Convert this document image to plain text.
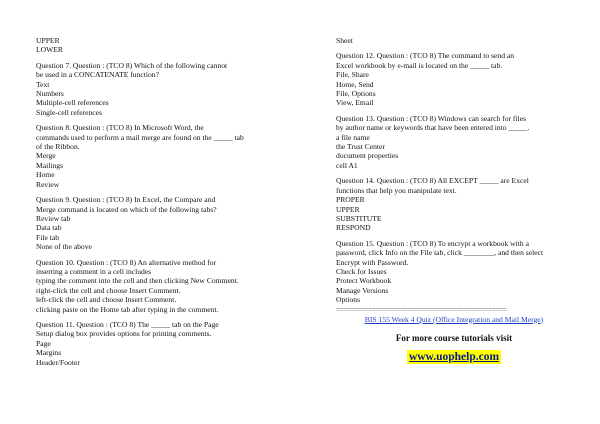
UPPER
LOWER
Question 7. Question : (TCO 8) Which of the following cannot
be used in a CONCATENATE function?
Text
Numbers
Multiple-cell references
Single-cell references
Question 8. Question : (TCO 8) In Microsoft Word, the
commands used to perform a mail merge are found on the _____ tab
of the Ribbon.
Merge
Mailings
Home
Review
Question 9. Question : (TCO 8) In Excel, the Compare and
Merge command is located on which of the following tabs?
Review tab
Data tab
File tab
None of the above
Question 10. Question : (TCO 8) An alternative method for
inserting a comment in a cell includes
typing the comment into the cell and then clicking New Comment.
right-click the cell and choose Insert Comment.
left-click the cell and choose Insert Comment.
clicking paste on the Home tab after typing in the comment.
Question 11. Question : (TCO 8) The _____ tab on the Page
Setup dialog box provides options for printing comments.
Page
Margins
Header/Footer
Sheet
Question 12. Question : (TCO 8) The command to send an
Excel workbook by e-mail is located on the _____ tab.
File, Share
Home, Send
File, Options
View, Email
Question 13. Question : (TCO 8) Windows can search for files
by author name or keywords that have been entered into _____.
a file name
the Trust Center
document properties
cell A1
Question 14. Question : (TCO 8) All EXCEPT _____ are Excel
functions that help you manipulate text.
PROPER
UPPER
SUBSTITUTE
RESPOND
Question 15. Question : (TCO 8) To encrypt a workbook with a
password, click Info on the File tab, click ________, and then select
Encrypt with Password.
Check for Issues
Protect Workbook
Manage Versions
Options
================================================
BIS 155 Week 4 Quiz (Office Integration and Mail Merge)
For more course tutorials visit
www.uophelp.com
